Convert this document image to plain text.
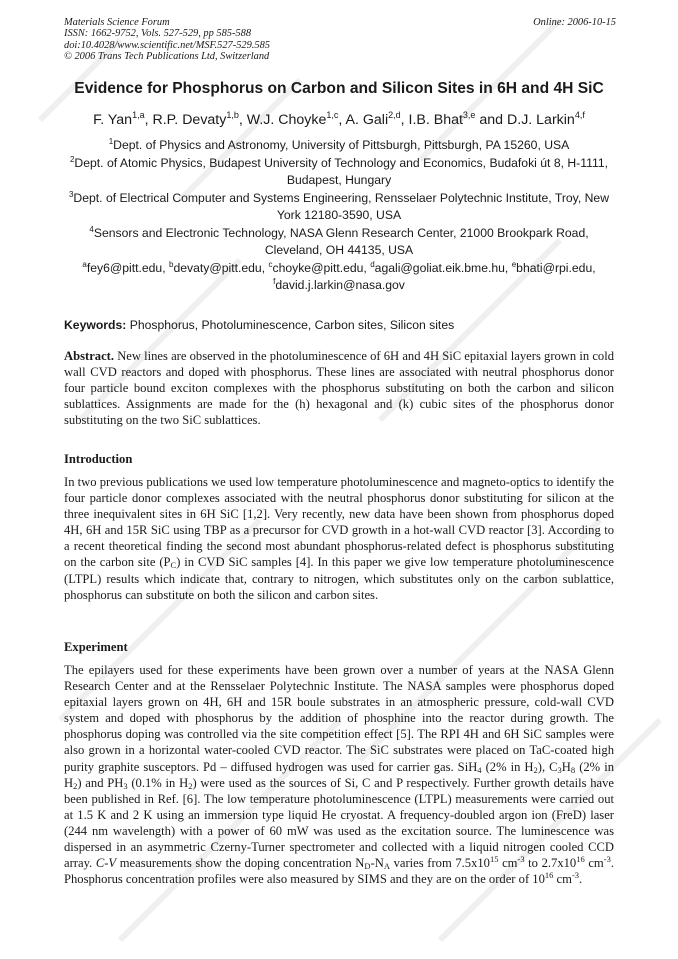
Materials Science Forum
ISSN: 1662-9752, Vols. 527-529, pp 585-588
doi:10.4028/www.scientific.net/MSF.527-529.585
© 2006 Trans Tech Publications Ltd, Switzerland
Online: 2006-10-15
Evidence for Phosphorus on Carbon and Silicon Sites in 6H and 4H SiC
F. Yan$^{1,a}$, R.P. Devaty$^{1,b}$, W.J. Choyke$^{1,c}$, A. Gali$^{2,d}$, I.B. Bhat$^{3,e}$ and D.J. Larkin$^{4,f}$
$^1$Dept. of Physics and Astronomy, University of Pittsburgh, Pittsburgh, PA 15260, USA
$^2$Dept. of Atomic Physics, Budapest University of Technology and Economics, Budafoki út 8, H-1111, Budapest, Hungary
$^3$Dept. of Electrical Computer and Systems Engineering, Rensselaer Polytechnic Institute, Troy, New York 12180-3590, USA
$^4$Sensors and Electronic Technology, NASA Glenn Research Center, 21000 Brookpark Road, Cleveland, OH 44135, USA
$^a$fey6@pitt.edu, $^b$devaty@pitt.edu, $^c$choyke@pitt.edu, $^d$agali@goliat.eik.bme.hu, $^e$bhati@rpi.edu,
$^f$david.j.larkin@nasa.gov
Keywords: Phosphorus, Photoluminescence, Carbon sites, Silicon sites
Abstract. New lines are observed in the photoluminescence of 6H and 4H SiC epitaxial layers grown in cold wall CVD reactors and doped with phosphorus. These lines are associated with neutral phosphorus donor four particle bound exciton complexes with the phosphorus substituting on both the carbon and silicon sublattices. Assignments are made for the (h) hexagonal and (k) cubic sites of the phosphorus donor substituting on the two SiC sublattices.
Introduction
In two previous publications we used low temperature photoluminescence and magneto-optics to identify the four particle donor complexes associated with the neutral phosphorus donor substituting for silicon at the three inequivalent sites in 6H SiC [1,2]. Very recently, new data have been shown from phosphorus doped 4H, 6H and 15R SiC using TBP as a precursor for CVD growth in a hot-wall CVD reactor [3]. According to a recent theoretical finding the second most abundant phosphorus-related defect is phosphorus substituting on the carbon site $(P_C)$ in CVD SiC samples [4]. In this paper we give low temperature photoluminescence (LTPL) results which indicate that, contrary to nitrogen, which substitutes only on the carbon sublattice, phosphorus can substitute on both the silicon and carbon sites.
Experiment
The epilayers used for these experiments have been grown over a number of years at the NASA Glenn Research Center and at the Rensselaer Polytechnic Institute. The NASA samples were phosphorus doped epitaxial layers grown on 4H, 6H and 15R boule substrates in an atmospheric pressure, cold-wall CVD system and doped with phosphorus by the addition of phosphine into the reactor during growth. The phosphorus doping was controlled via the site competition effect [5]. The RPI 4H and 6H SiC samples were also grown in a horizontal water-cooled CVD reactor. The SiC substrates were placed on TaC-coated high purity graphite susceptors. Pd – diffused hydrogen was used for carrier gas. SiH$_4$ (2% in $H_2$), $C_3H_8$ (2% in $H_2$) and $PH_3$ (0.1% in $H_2$) were used as the sources of Si, C and P respectively. Further growth details have been published in Ref. [6]. The low temperature photoluminescence (LTPL) measurements were carried out at 1.5 K and 2 K using an immersion type liquid He cryostat. A frequency-doubled argon ion (FreD) laser (244 nm wavelength) with a power of 60 mW was used as the excitation source. The luminescence was dispersed in an asymmetric Czerny-Turner spectrometer and collected with a liquid nitrogen cooled CCD array. C-V measurements show the doping concentration $N_D-N_A$ varies from $7.5x10^{15}$ $cm^{-3}$ to $2.7x10^{16}$ $cm^{-3}$. Phosphorus concentration profiles were also measured by SIMS and they are on the order of $10^{16}$ $cm^{-3}$.
